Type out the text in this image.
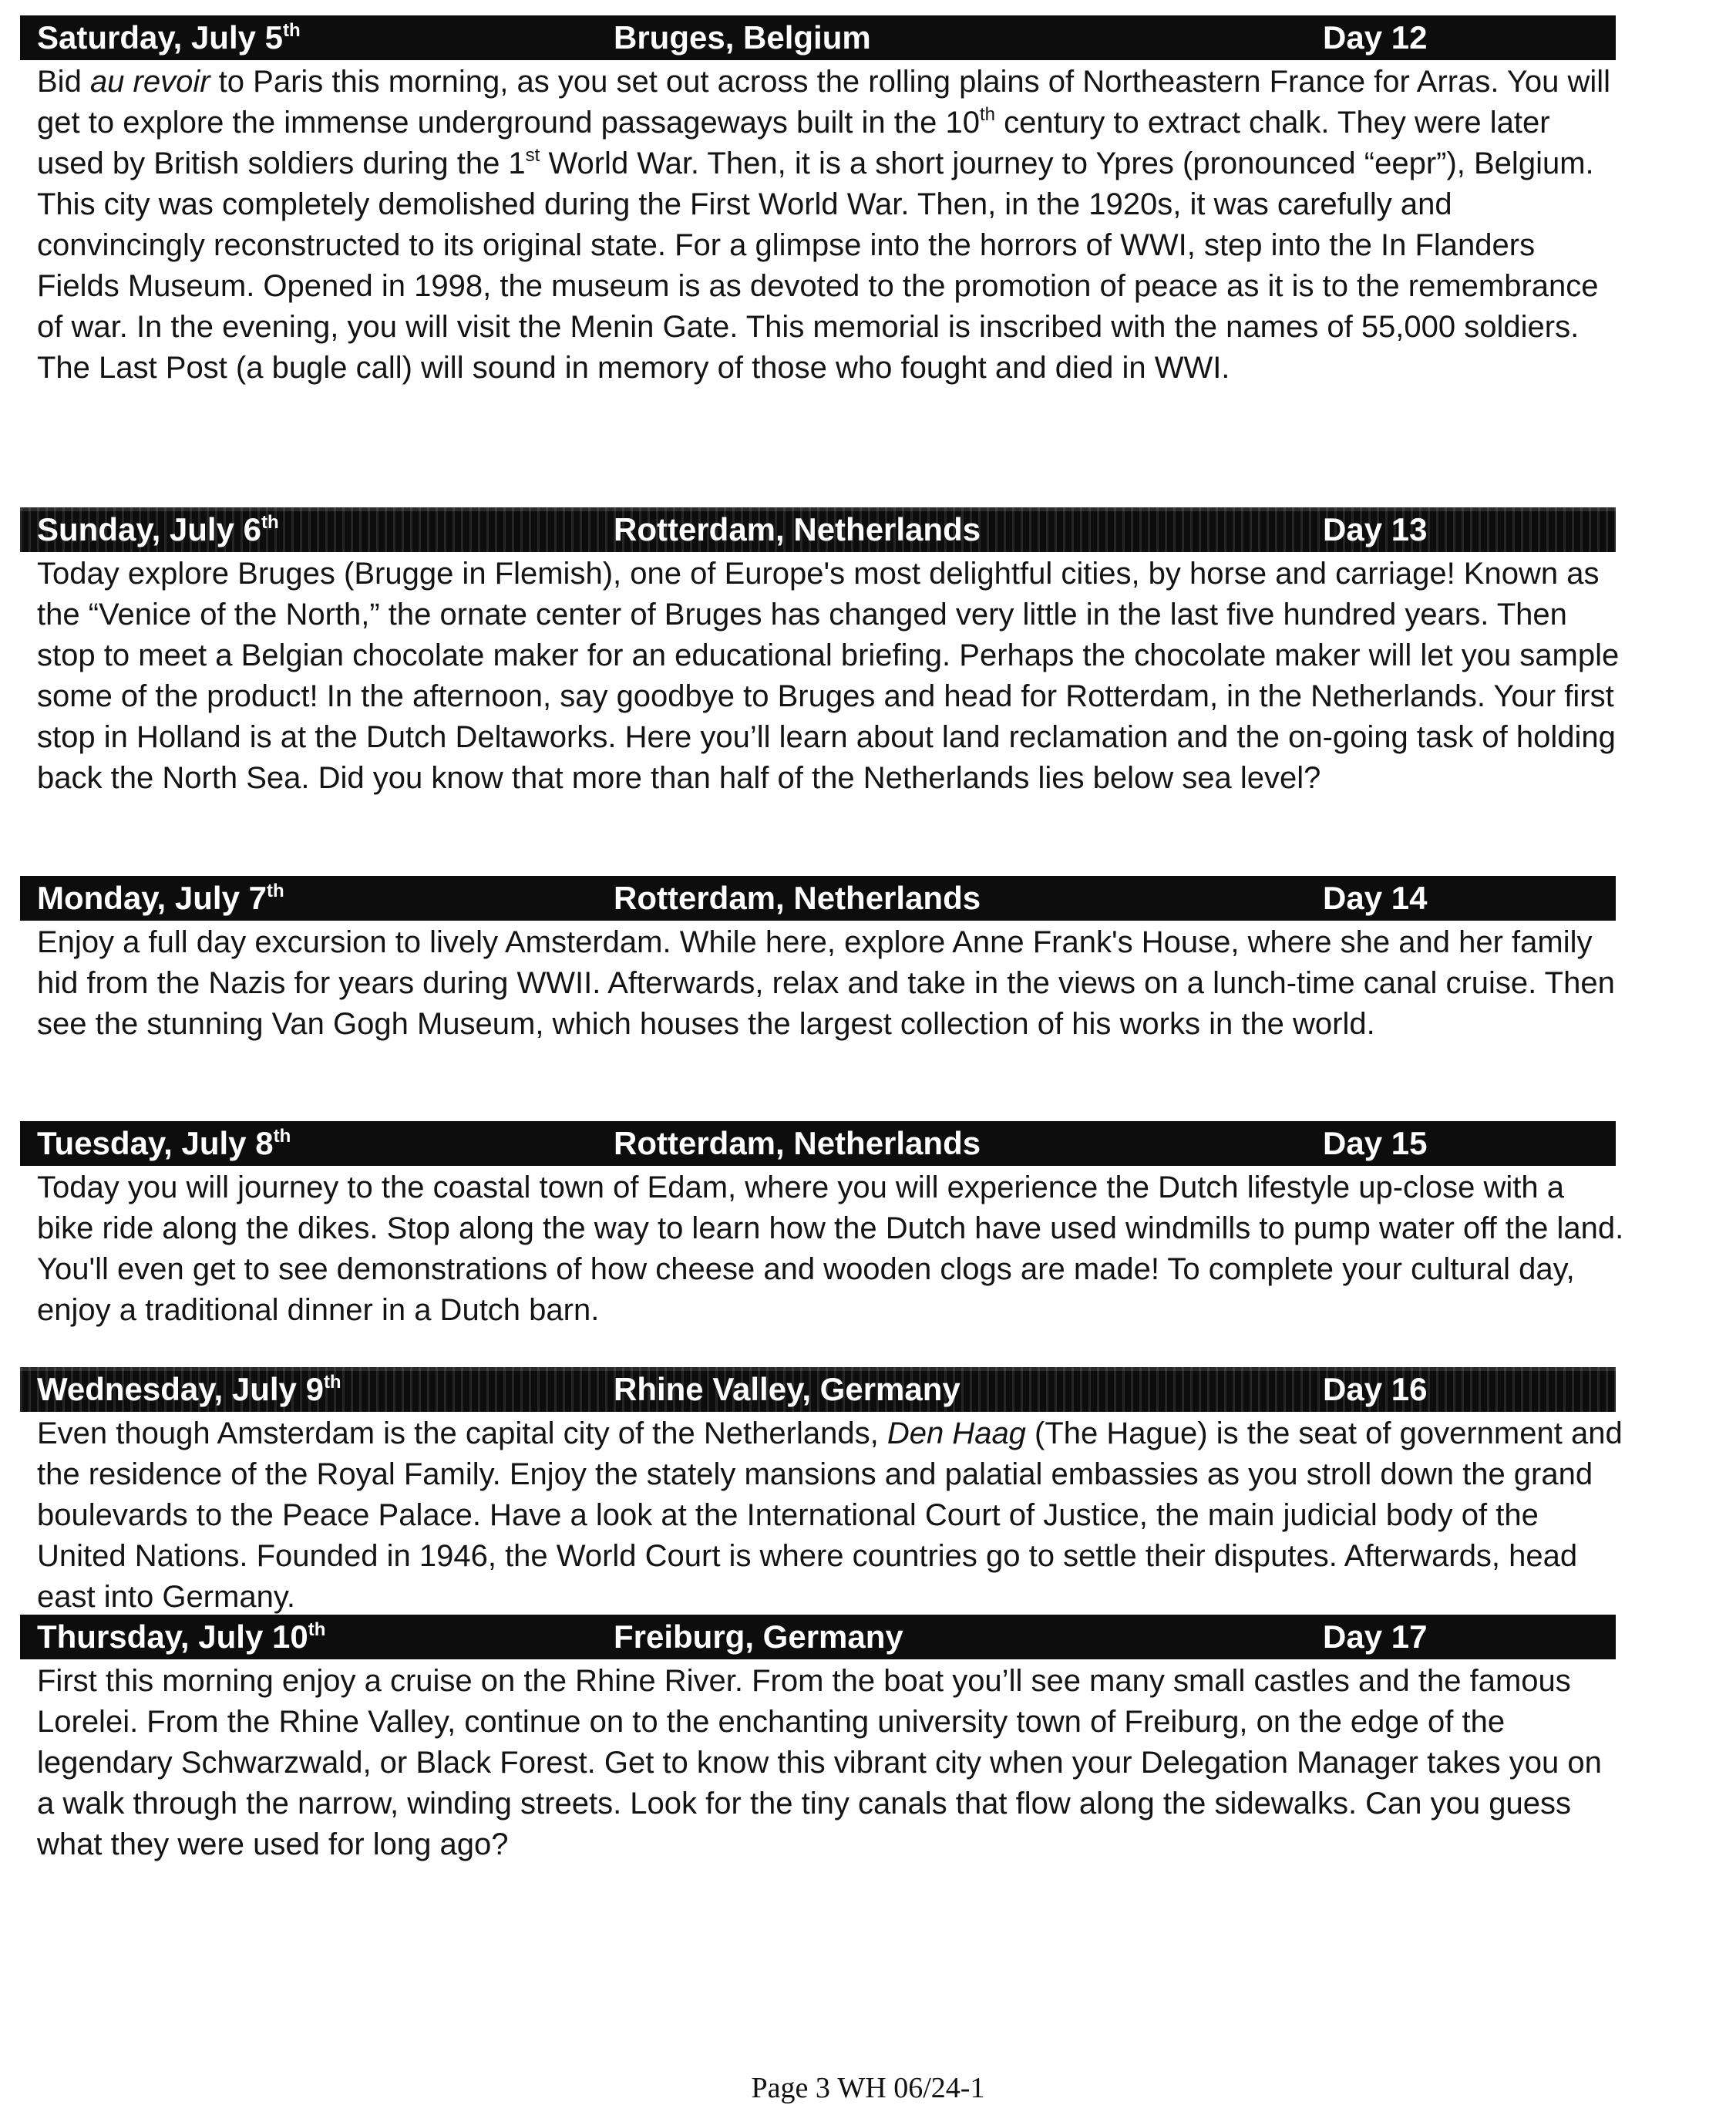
Saturday, July 5th	Bruges, Belgium	Day 12
Bid au revoir to Paris this morning, as you set out across the rolling plains of Northeastern France for Arras. You will get to explore the immense underground passageways built in the 10th century to extract chalk. They were later used by British soldiers during the 1st World War. Then, it is a short journey to Ypres (pronounced “eepr”), Belgium. This city was completely demolished during the First World War. Then, in the 1920s, it was carefully and convincingly reconstructed to its original state. For a glimpse into the horrors of WWI, step into the In Flanders Fields Museum. Opened in 1998, the museum is as devoted to the promotion of peace as it is to the remembrance of war. In the evening, you will visit the Menin Gate. This memorial is inscribed with the names of 55,000 soldiers. The Last Post (a bugle call) will sound in memory of those who fought and died in WWI.
Sunday, July 6th	Rotterdam, Netherlands	Day 13
Today explore Bruges (Brugge in Flemish), one of Europe's most delightful cities, by horse and carriage! Known as the “Venice of the North,” the ornate center of Bruges has changed very little in the last five hundred years. Then stop to meet a Belgian chocolate maker for an educational briefing. Perhaps the chocolate maker will let you sample some of the product! In the afternoon, say goodbye to Bruges and head for Rotterdam, in the Netherlands. Your first stop in Holland is at the Dutch Deltaworks. Here you’ll learn about land reclamation and the on-going task of holding back the North Sea. Did you know that more than half of the Netherlands lies below sea level?
Monday, July 7th	Rotterdam, Netherlands	Day 14
Enjoy a full day excursion to lively Amsterdam. While here, explore Anne Frank's House, where she and her family hid from the Nazis for years during WWII. Afterwards, relax and take in the views on a lunch-time canal cruise. Then see the stunning Van Gogh Museum, which houses the largest collection of his works in the world.
Tuesday, July 8th	Rotterdam, Netherlands	Day 15
Today you will journey to the coastal town of Edam, where you will experience the Dutch lifestyle up-close with a bike ride along the dikes. Stop along the way to learn how the Dutch have used windmills to pump water off the land. You'll even get to see demonstrations of how cheese and wooden clogs are made! To complete your cultural day, enjoy a traditional dinner in a Dutch barn.
Wednesday, July 9th	Rhine Valley, Germany	Day 16
Even though Amsterdam is the capital city of the Netherlands, Den Haag (The Hague) is the seat of government and the residence of the Royal Family. Enjoy the stately mansions and palatial embassies as you stroll down the grand boulevards to the Peace Palace. Have a look at the International Court of Justice, the main judicial body of the United Nations. Founded in 1946, the World Court is where countries go to settle their disputes. Afterwards, head east into Germany.
Thursday, July 10th	Freiburg, Germany	Day 17
First this morning enjoy a cruise on the Rhine River. From the boat you’ll see many small castles and the famous Lorelei. From the Rhine Valley, continue on to the enchanting university town of Freiburg, on the edge of the legendary Schwarzwald, or Black Forest. Get to know this vibrant city when your Delegation Manager takes you on a walk through the narrow, winding streets. Look for the tiny canals that flow along the sidewalks. Can you guess what they were used for long ago?
Page 3 WH 06/24-1
